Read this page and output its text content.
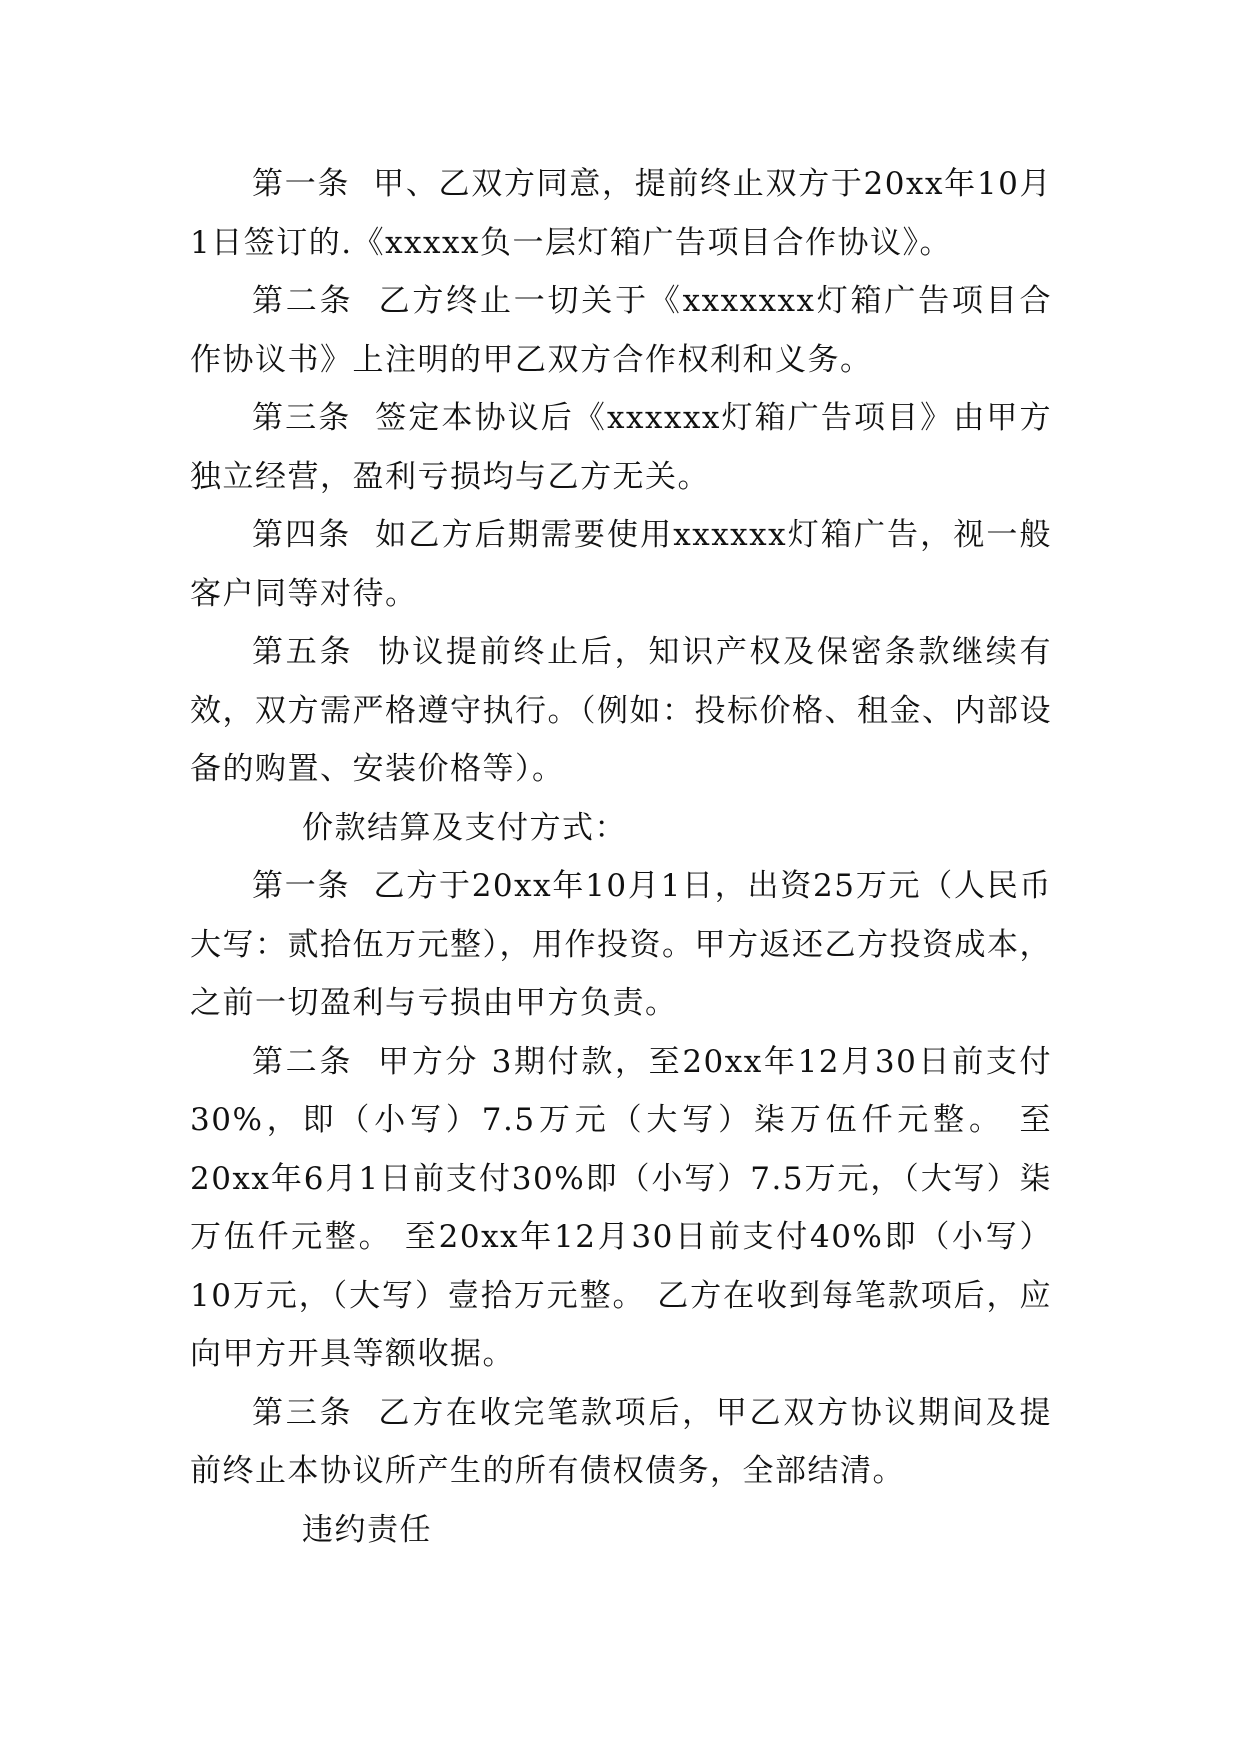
第一条  甲、乙双方同意，提前终止双方于20xx年10月1日签订的.《xxxxx负一层灯箱广告项目合作协议》。

第二条  乙方终止一切关于《xxxxxxx灯箱广告项目合作协议书》上注明的甲乙双方合作权利和义务。

第三条  签定本协议后《xxxxxx灯箱广告项目》由甲方独立经营，盈利亏损均与乙方无关。

第四条  如乙方后期需要使用xxxxxx灯箱广告，视一般客户同等对待。

第五条  协议提前终止后，知识产权及保密条款继续有效，双方需严格遵守执行。（例如：投标价格、租金、内部设备的购置、安装价格等）。

价款结算及支付方式：

第一条  乙方于20xx年10月1日，出资25万元（人民币大写：贰拾伍万元整），用作投资。甲方返还乙方投资成本，之前一切盈利与亏损由甲方负责。

第二条  甲方分 3期付款，至20xx年12月30日前支付30%，即（小写）7.5万元（大写）柒万伍仟元整。 至20xx年6月1日前支付30%即（小写）7.5万元，（大写）柒万伍仟元整。 至20xx年12月30日前支付40%即（小写）10万元，（大写）壹拾万元整。 乙方在收到每笔款项后，应向甲方开具等额收据。

第三条  乙方在收完笔款项后，甲乙双方协议期间及提前终止本协议所产生的所有债权债务，全部结清。

违约责任
